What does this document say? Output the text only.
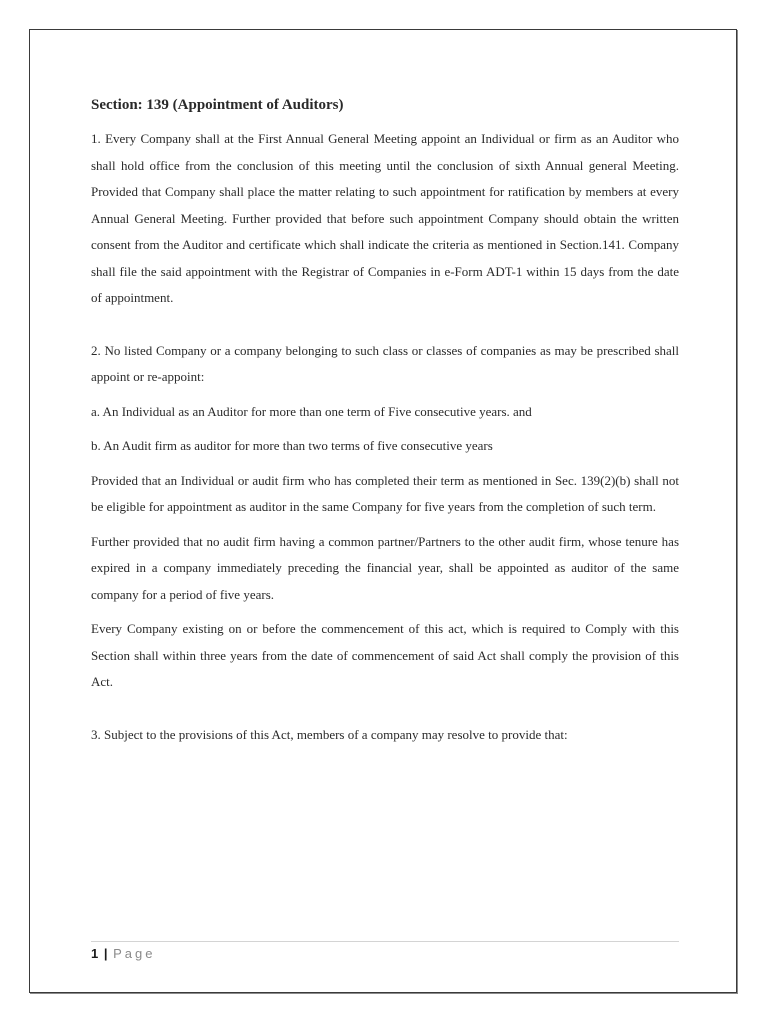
Section: 139 (Appointment of Auditors)

1. Every Company shall at the First Annual General Meeting appoint an Individual or firm as an Auditor who shall hold office from the conclusion of this meeting until the conclusion of sixth Annual general Meeting. Provided that Company shall place the matter relating to such appointment for ratification by members at every Annual General Meeting. Further provided that before such appointment Company should obtain the written consent from the Auditor and certificate which shall indicate the criteria as mentioned in Section.141. Company shall file the said appointment with the Registrar of Companies in e-Form ADT-1 within 15 days from the date of appointment.

2. No listed Company or a company belonging to such class or classes of companies as may be prescribed shall appoint or re-appoint:

a. An Individual as an Auditor for more than one term of Five consecutive years. and

b. An Audit firm as auditor for more than two terms of five consecutive years

Provided that an Individual or audit firm who has completed their term as mentioned in Sec. 139(2)(b) shall not be eligible for appointment as auditor in the same Company for five years from the completion of such term.

Further provided that no audit firm having a common partner/Partners to the other audit firm, whose tenure has expired in a company immediately preceding the financial year, shall be appointed as auditor of the same company for a period of five years.

Every Company existing on or before the commencement of this act, which is required to Comply with this Section shall within three years from the date of commencement of said Act shall comply the provision of this Act.

3. Subject to the provisions of this Act, members of a company may resolve to provide that:

1 | Page
